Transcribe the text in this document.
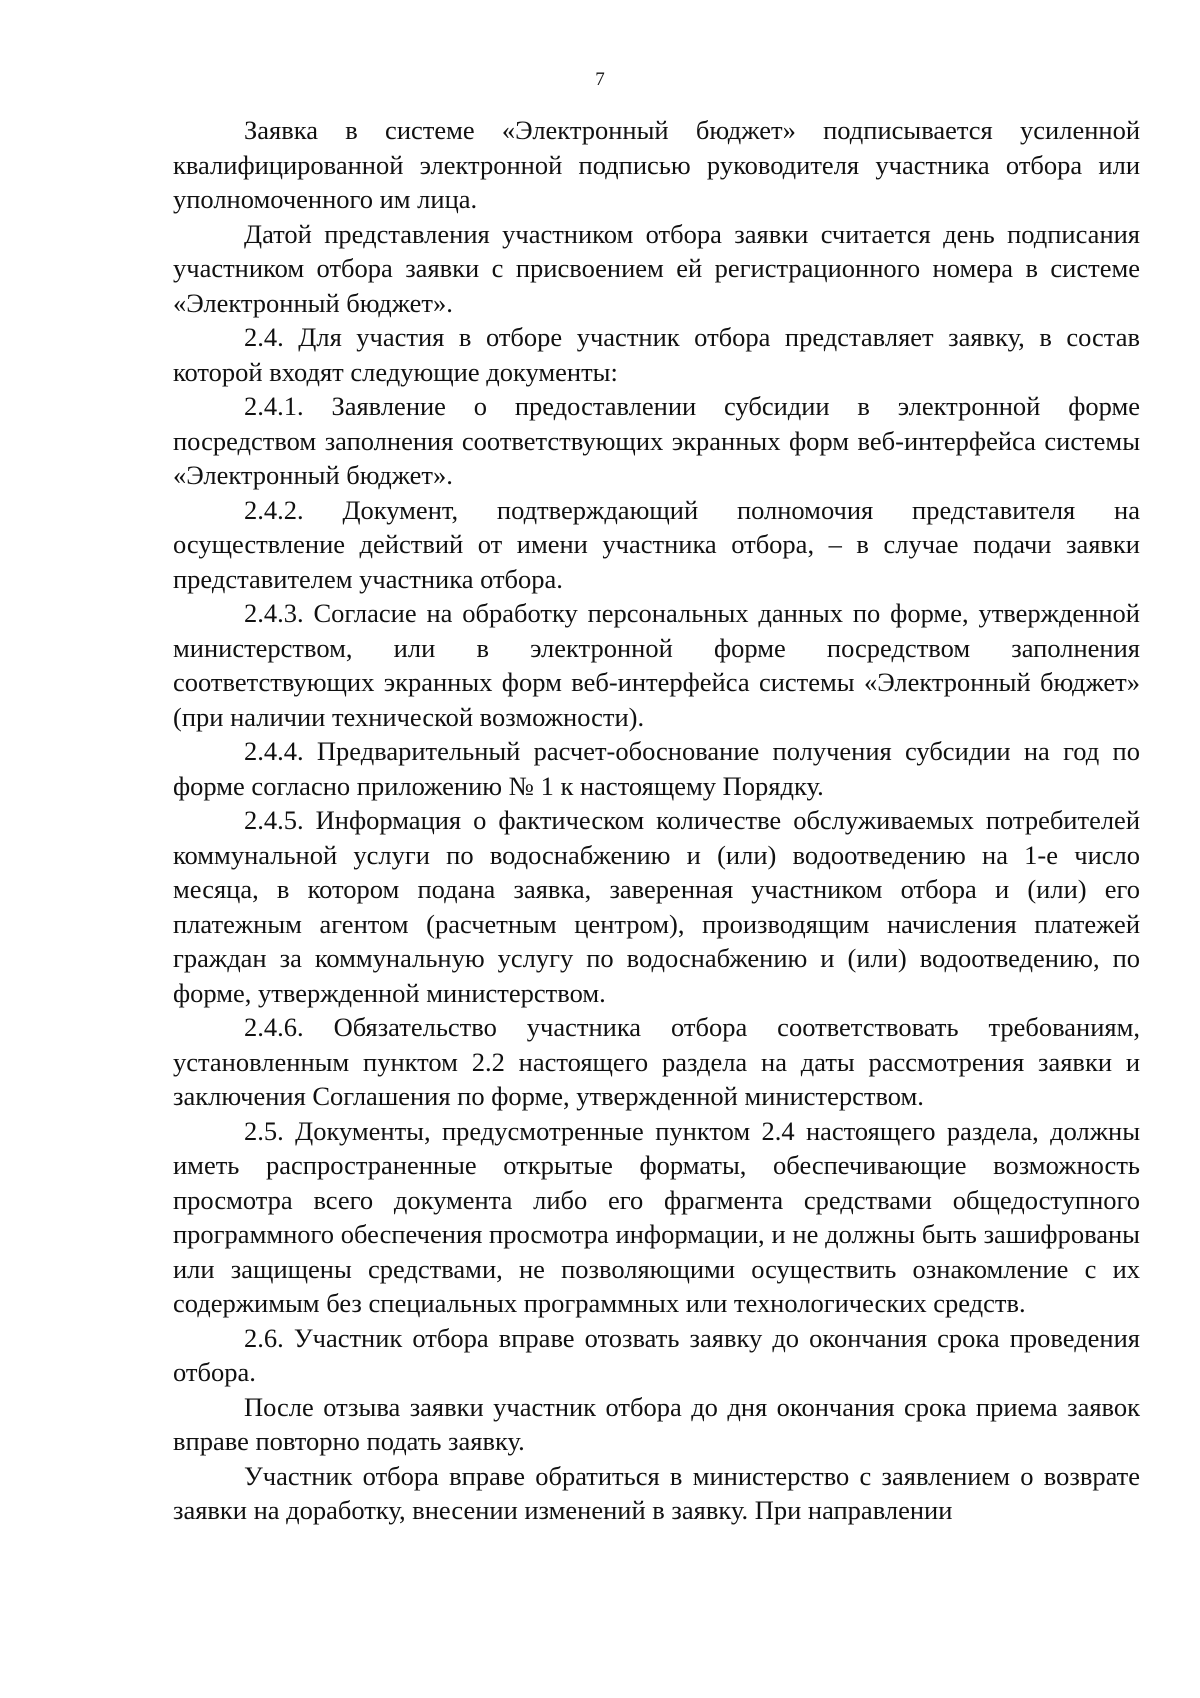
7

Заявка в системе «Электронный бюджет» подписывается усиленной квалифицированной электронной подписью руководителя участника отбора или уполномоченного им лица.

Датой представления участником отбора заявки считается день подписания участником отбора заявки с присвоением ей регистрационного номера в системе «Электронный бюджет».

2.4. Для участия в отборе участник отбора представляет заявку, в состав которой входят следующие документы:

2.4.1. Заявление о предоставлении субсидии в электронной форме посредством заполнения соответствующих экранных форм веб-интерфейса системы «Электронный бюджет».

2.4.2. Документ, подтверждающий полномочия представителя на осуществление действий от имени участника отбора, – в случае подачи заявки представителем участника отбора.

2.4.3. Согласие на обработку персональных данных по форме, утвержденной министерством, или в электронной форме посредством заполнения соответствующих экранных форм веб-интерфейса системы «Электронный бюджет» (при наличии технической возможности).

2.4.4. Предварительный расчет-обоснование получения субсидии на год по форме согласно приложению № 1 к настоящему Порядку.

2.4.5. Информация о фактическом количестве обслуживаемых потребителей коммунальной услуги по водоснабжению и (или) водоотведению на 1-е число месяца, в котором подана заявка, заверенная участником отбора и (или) его платежным агентом (расчетным центром), производящим начисления платежей граждан за коммунальную услугу по водоснабжению и (или) водоотведению, по форме, утвержденной министерством.

2.4.6. Обязательство участника отбора соответствовать требованиям, установленным пунктом 2.2 настоящего раздела на даты рассмотрения заявки и заключения Соглашения по форме, утвержденной министерством.

2.5. Документы, предусмотренные пунктом 2.4 настоящего раздела, должны иметь распространенные открытые форматы, обеспечивающие возможность просмотра всего документа либо его фрагмента средствами общедоступного программного обеспечения просмотра информации, и не должны быть зашифрованы или защищены средствами, не позволяющими осуществить ознакомление с их содержимым без специальных программных или технологических средств.

2.6. Участник отбора вправе отозвать заявку до окончания срока проведения отбора.

После отзыва заявки участник отбора до дня окончания срока приема заявок вправе повторно подать заявку.

Участник отбора вправе обратиться в министерство с заявлением о возврате заявки на доработку, внесении изменений в заявку. При направлении
